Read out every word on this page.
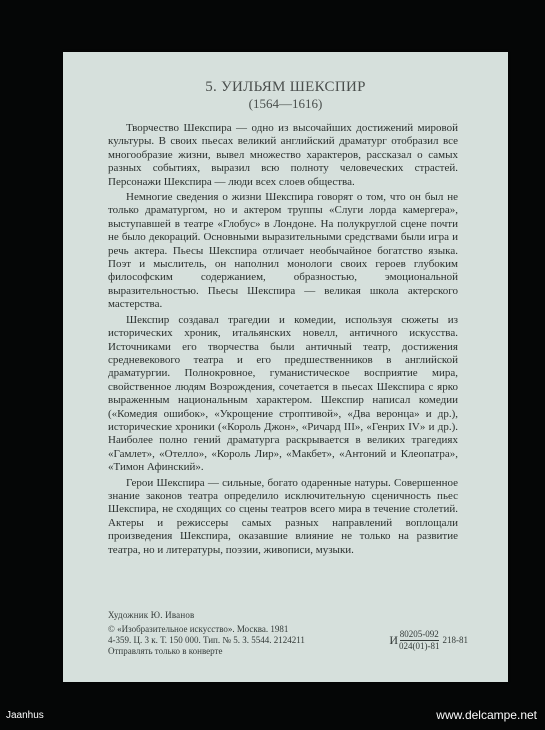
5. УИЛЬЯМ ШЕКСПИР
(1564—1616)

Творчество Шекспира — одно из высочайших достижений мировой культуры. В своих пьесах великий английский драматург отобразил все многообразие жизни, вывел множество характеров, рассказал о самых разных событиях, выразил всю полноту человеческих страстей. Персонажи Шекспира — люди всех слоев общества.

Немногие сведения о жизни Шекспира говорят о том, что он был не только драматургом, но и актером труппы «Слуги лорда камергера», выступавшей в театре «Глобус» в Лондоне. На полукруглой сцене почти не было декораций. Основными выразительными средствами были игра и речь актера. Пьесы Шекспира отличает необычайное богатство языка. Поэт и мыслитель, он наполнил монологи своих героев глубоким философским содержанием, образностью, эмоциональной выразительностью. Пьесы Шекспира — великая школа актерского мастерства.

Шекспир создавал трагедии и комедии, используя сюжеты из исторических хроник, итальянских новелл, античного искусства. Источниками его творчества были античный театр, достижения средневекового театра и его предшественников в английской драматургии. Полнокровное, гуманистическое восприятие мира, свойственное людям Возрождения, сочетается в пьесах Шекспира с ярко выраженным национальным характером. Шекспир написал комедии («Комедия ошибок», «Укрощение строптивой», «Два веронца» и др.), исторические хроники («Король Джон», «Ричард III», «Генрих IV» и др.). Наиболее полно гений драматурга раскрывается в великих трагедиях «Гамлет», «Отелло», «Король Лир», «Макбет», «Антоний и Клеопатра», «Тимон Афинский».

Герои Шекспира — сильные, богато одаренные натуры. Совершенное знание законов театра определило исключительную сценичность пьес Шекспира, не сходящих со сцены театров всего мира в течение столетий. Актеры и режиссеры самых разных направлений воплощали произведения Шекспира, оказавшие влияние не только на развитие театра, но и литературы, поэзии, живописи, музыки.

Художник Ю. Иванов
© «Изобразительное искусство». Москва. 1981
4-359. Ц. 3 к. Т. 150 000. Тип. № 5. З. 5544. 2124211
Отправлять только в конверте
И $\frac{80205-092}{024(01)-81} 218-81$
Jaanhus	www.delcampe.net
